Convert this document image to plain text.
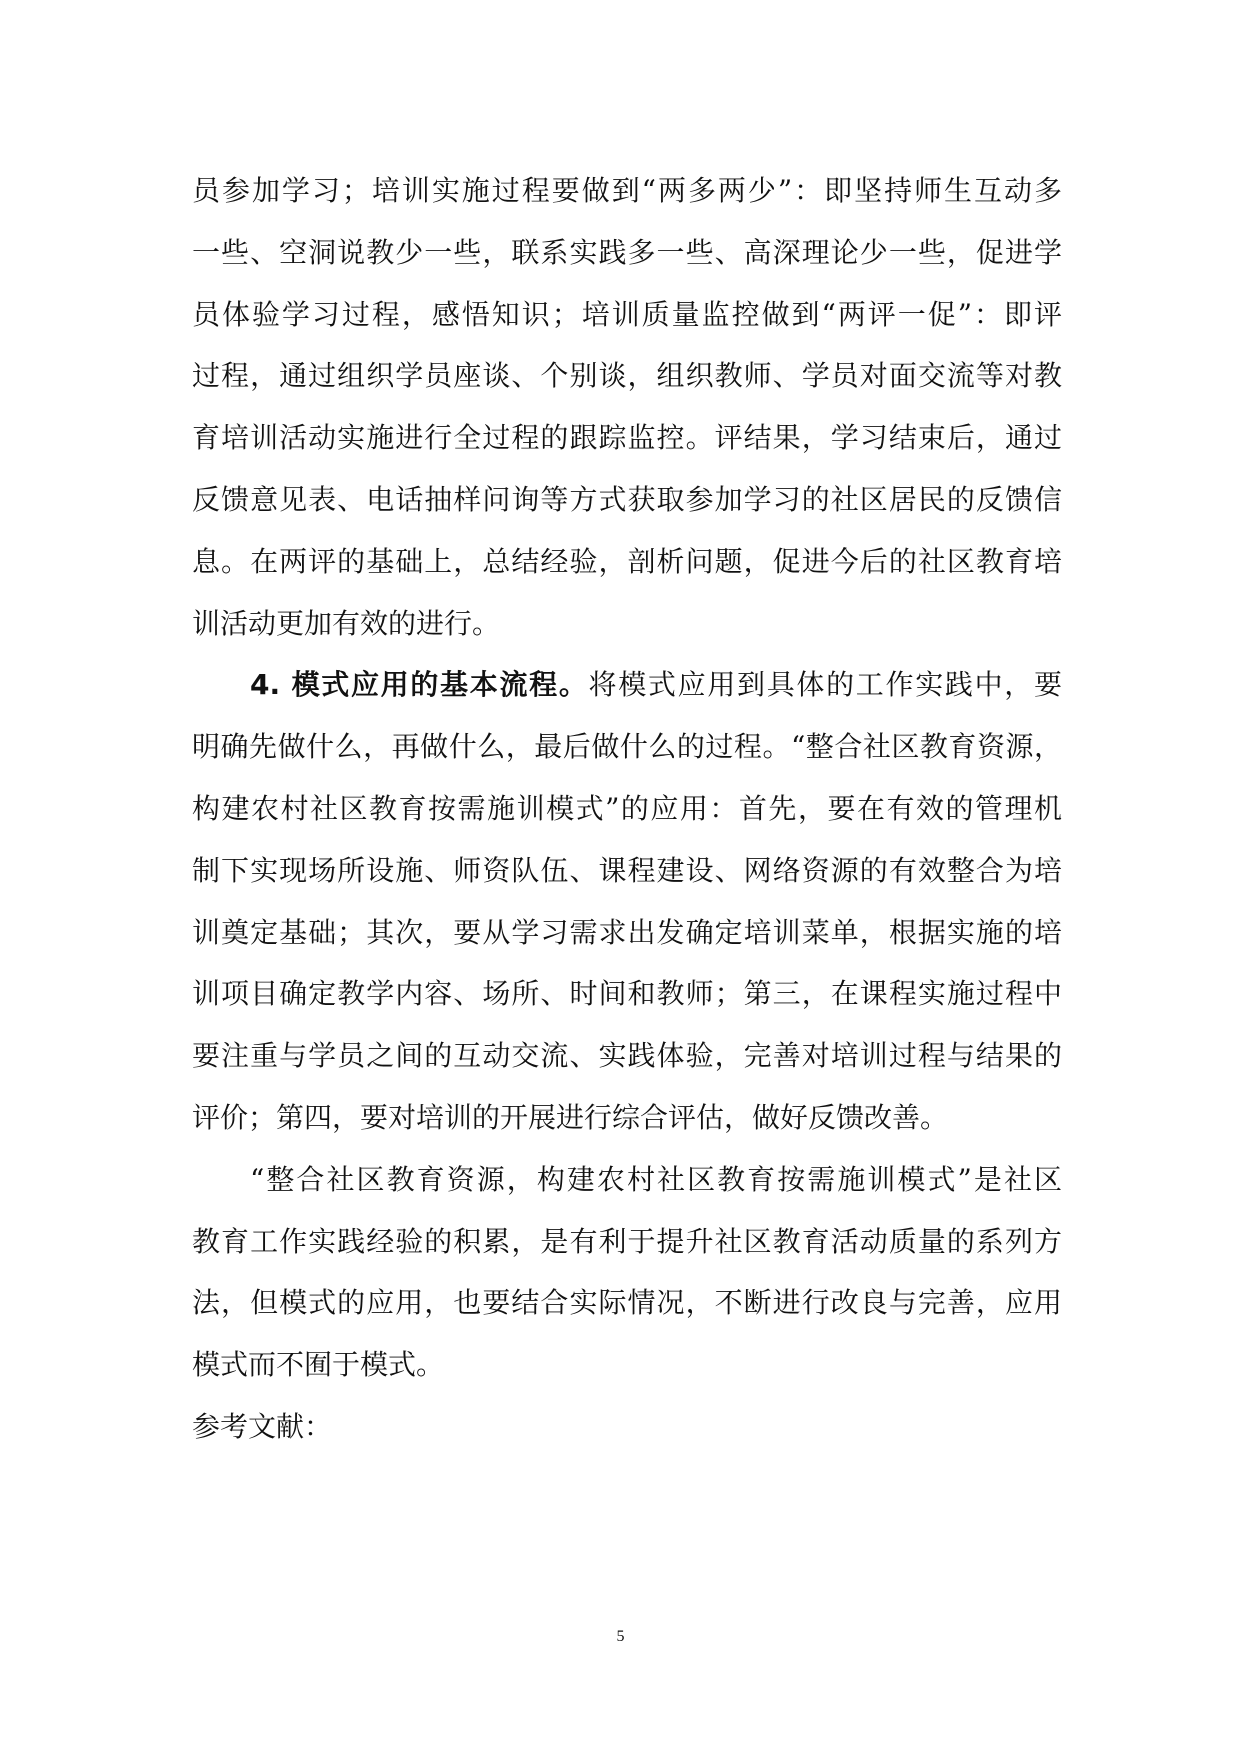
员参加学习；培训实施过程要做到“两多两少”：即坚持师生互动多
一些、空洞说教少一些，联系实践多一些、高深理论少一些，促进学
员体验学习过程，感悟知识；培训质量监控做到“两评一促”：即评
过程，通过组织学员座谈、个别谈，组织教师、学员对面交流等对教
育培训活动实施进行全过程的跟踪监控。评结果，学习结束后，通过
反馈意见表、电话抽样问询等方式获取参加学习的社区居民的反馈信
息。在两评的基础上，总结经验，剖析问题，促进今后的社区教育培
训活动更加有效的进行。
4. 模式应用的基本流程。将模式应用到具体的工作实践中，要
明确先做什么，再做什么，最后做什么的过程。“整合社区教育资源，
构建农村社区教育按需施训模式”的应用：首先，要在有效的管理机
制下实现场所设施、师资队伍、课程建设、网络资源的有效整合为培
训奠定基础；其次，要从学习需求出发确定培训菜单，根据实施的培
训项目确定教学内容、场所、时间和教师；第三，在课程实施过程中
要注重与学员之间的互动交流、实践体验，完善对培训过程与结果的
评价；第四，要对培训的开展进行综合评估，做好反馈改善。
“整合社区教育资源，构建农村社区教育按需施训模式”是社区
教育工作实践经验的积累，是有利于提升社区教育活动质量的系列方
法，但模式的应用，也要结合实际情况，不断进行改良与完善，应用
模式而不囿于模式。
参考文献：
5
